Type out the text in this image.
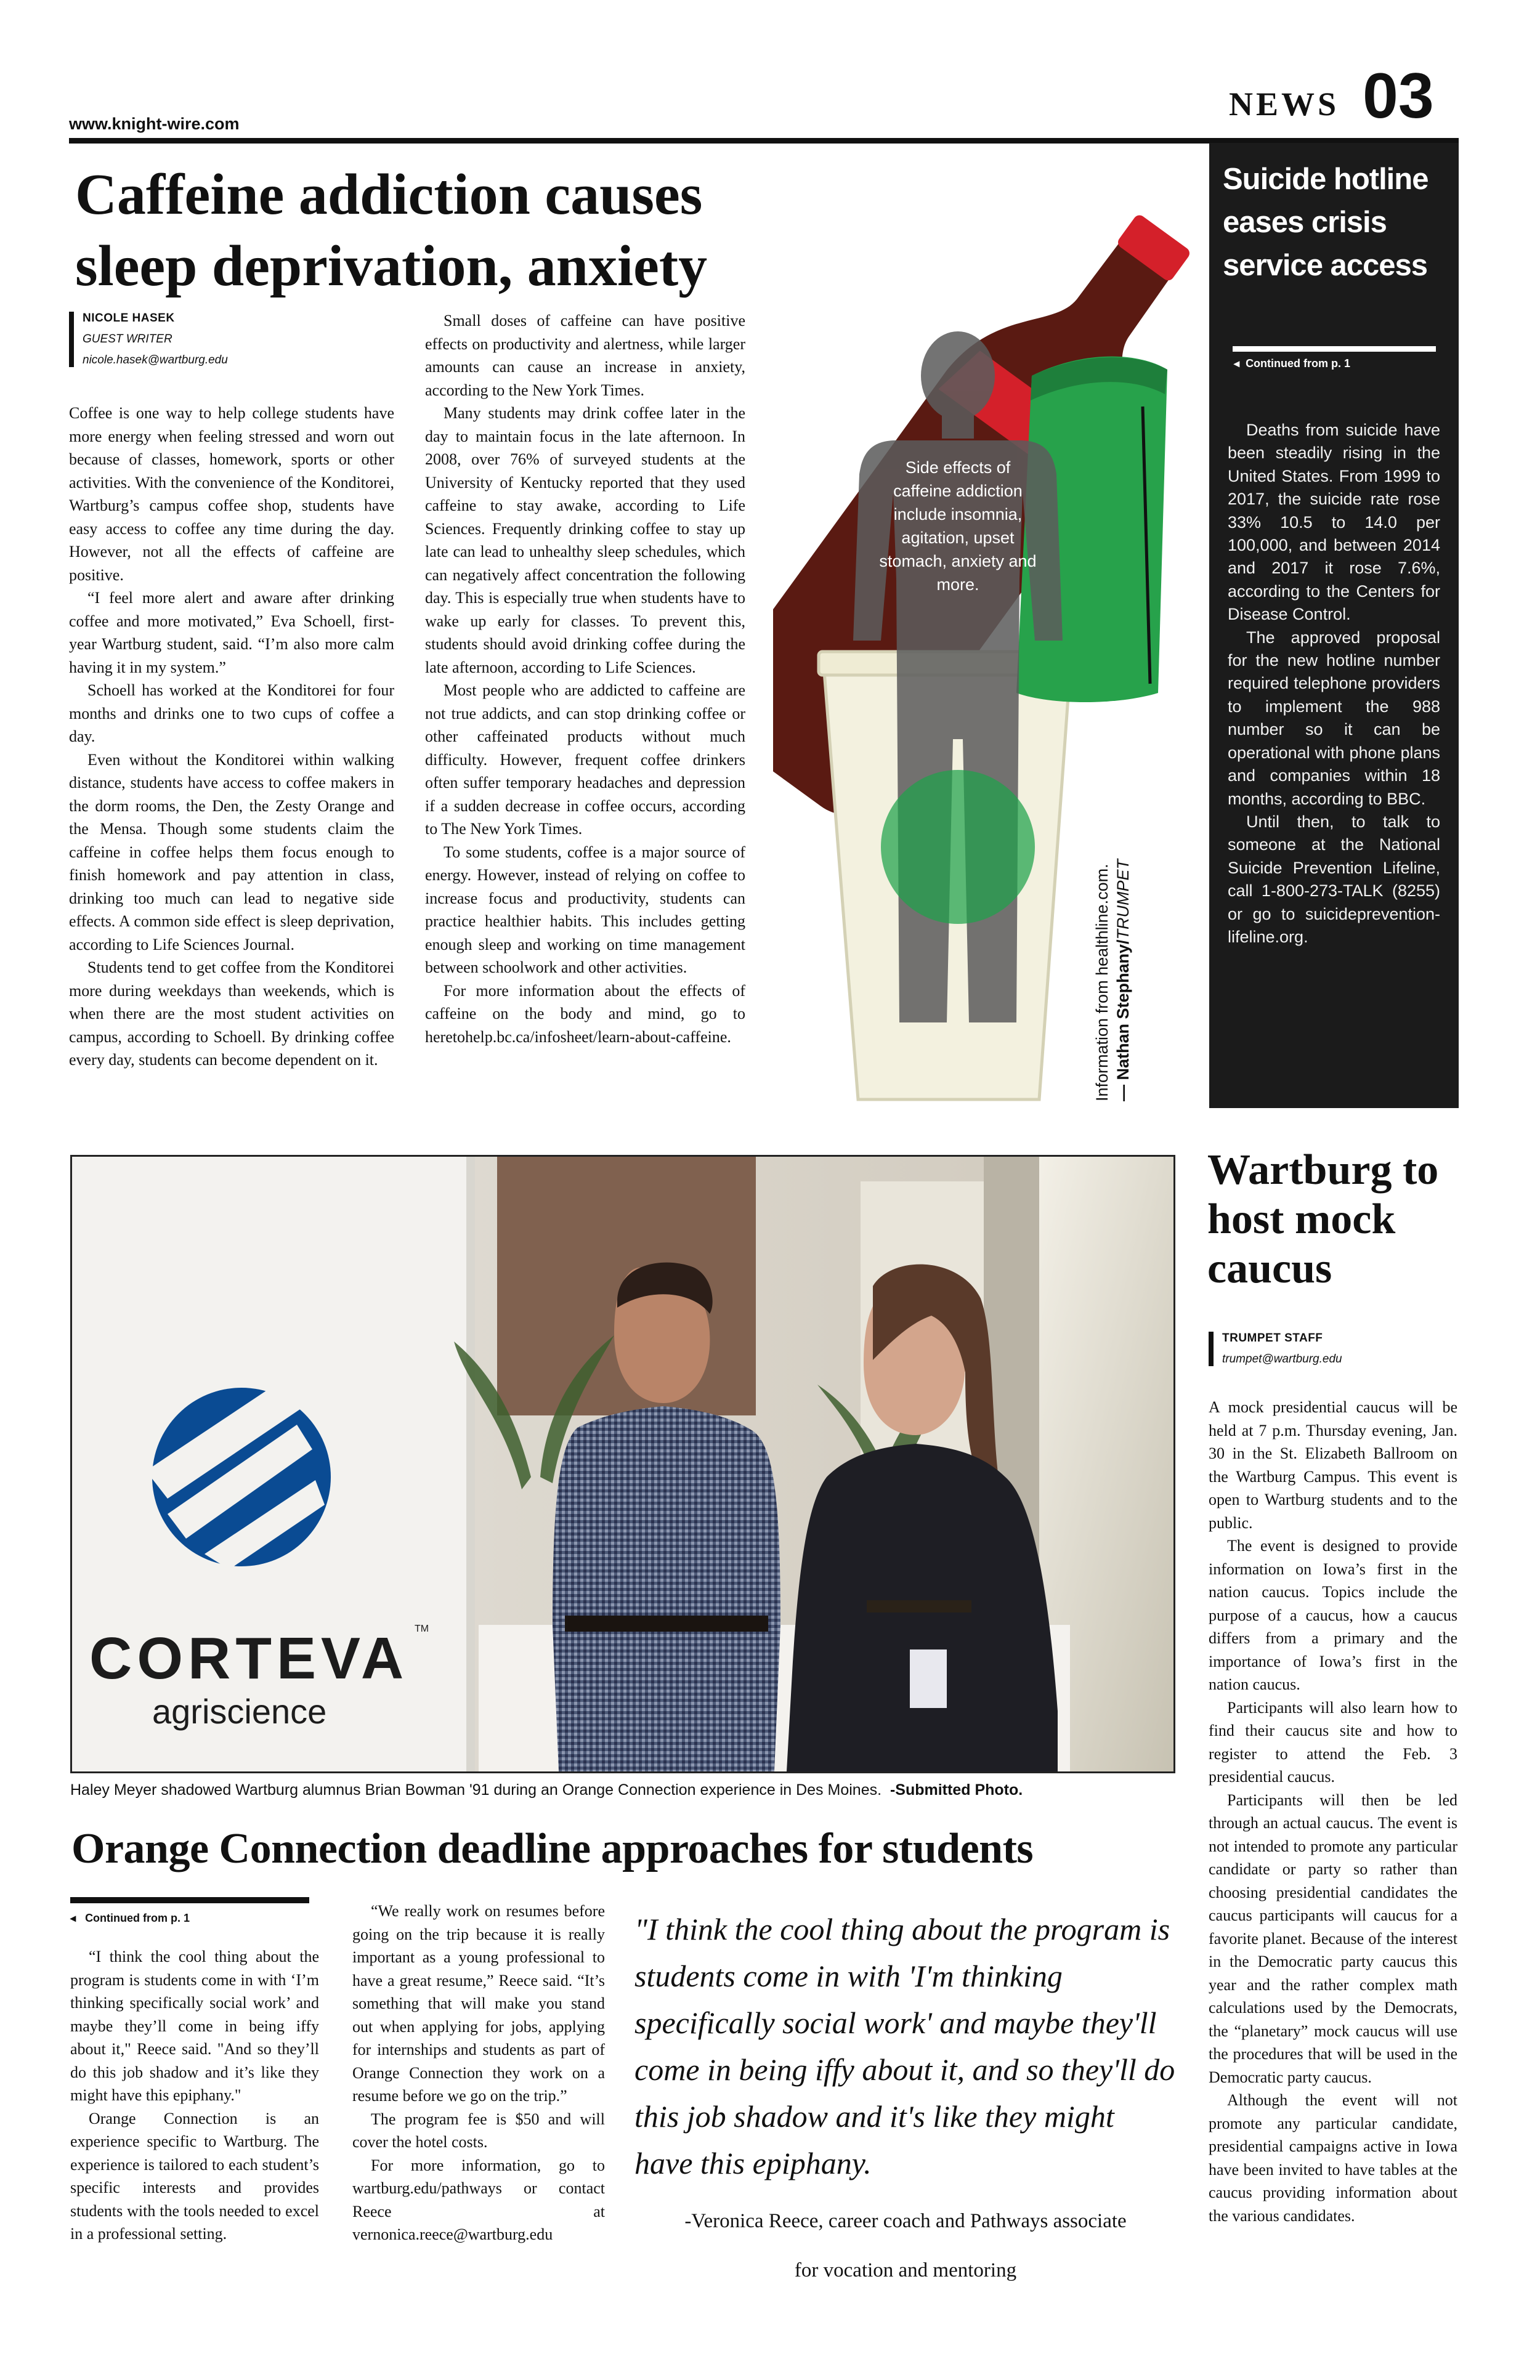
www.knight-wire.com
NEWS 03
Caffeine addiction causes
sleep deprivation, anxiety
NICOLE HASEK
GUEST WRITER
nicole.hasek@wartburg.edu

Coffee is one way to help college students have more energy when feeling stressed and worn out because of classes, homework, sports or other activities. With the convenience of the Konditorei, Wartburg’s campus coffee shop, students have easy access to coffee any time during the day. However, not all the effects of caffeine are positive.

“I feel more alert and aware after drinking coffee and more motivated,” Eva Schoell, first-year Wartburg student, said. “I’m also more calm having it in my system.”

Schoell has worked at the Konditorei for four months and drinks one to two cups of coffee a day.

Even without the Konditorei within walking distance, students have access to coffee makers in the dorm rooms, the Den, the Zesty Orange and the Mensa. Though some students claim the caffeine in coffee helps them focus enough to finish homework and pay attention in class, drinking too much can lead to negative side effects. A common side effect is sleep deprivation, according to Life Sciences Journal.

Students tend to get coffee from the Konditorei more during weekdays than weekends, which is when there are the most student activities on campus, according to Schoell. By drinking coffee every day, students can become dependent on it.

Small doses of caffeine can have positive effects on productivity and alertness, while larger amounts can cause an increase in anxiety, according to the New York Times.

Many students may drink coffee later in the day to maintain focus in the late afternoon. In 2008, over 76% of surveyed students at the University of Kentucky reported that they used caffeine to stay awake, according to Life Sciences. Frequently drinking coffee to stay up late can lead to unhealthy sleep schedules, which can negatively affect concentration the following day. This is especially true when students have to wake up early for classes. To prevent this, students should avoid drinking coffee during the late afternoon, according to Life Sciences.

Most people who are addicted to caffeine are not true addicts, and can stop drinking coffee or other caffeinated products without much difficulty. However, frequent coffee drinkers often suffer temporary headaches and depression if a sudden decrease in coffee occurs, according to The New York Times.

To some students, coffee is a major source of energy. However, instead of relying on coffee to increase focus and productivity, students can practice healthier habits. This includes getting enough sleep and working on time management between schoolwork and other activities.

For more information about the effects of caffeine on the body and mind, go to heretohelp.bc.ca/infosheet/learn-about-caffeine.

Side effects of caffeine addiction include insomnia, agitation, upset stomach, anxiety and more.
Information from healthline.com. — Nathan Stephany/TRUMPET
Suicide hotline eases crisis service access
◂ Continued from p. 1

Deaths from suicide have been steadily rising in the United States. From 1999 to 2017, the suicide rate rose 33% 10.5 to 14.0 per 100,000, and between 2014 and 2017 it rose 7.6%, according to the Centers for Disease Control.

The approved proposal for the new hotline number required telephone providers to implement the 988 number so it can be operational with phone plans and companies within 18 months, according to BBC.

Until then, to talk to someone at the National Suicide Prevention Lifeline, call 1-800-273-TALK (8255) or go to suicideprevention-lifeline.org.

CORTEVA TM
agriscience
Haley Meyer shadowed Wartburg alumnus Brian Bowman '91 during an Orange Connection experience in Des Moines. -Submitted Photo.
Wartburg to host mock caucus
TRUMPET STAFF
trumpet@wartburg.edu

A mock presidential caucus will be held at 7 p.m. Thursday evening, Jan. 30 in the St. Elizabeth Ballroom on the Wartburg Campus. This event is open to Wartburg students and to the public.

The event is designed to provide information on Iowa’s first in the nation caucus. Topics include the purpose of a caucus, how a caucus differs from a primary and the importance of Iowa’s first in the nation caucus.

Participants will also learn how to find their caucus site and how to register to attend the Feb. 3 presidential caucus.

Participants will then be led through an actual caucus. The event is not intended to promote any particular candidate or party so rather than choosing presidential candidates the caucus participants will caucus for a favorite planet. Because of the interest in the Democratic party caucus this year and the rather complex math calculations used by the Democrats, the “planetary” mock caucus will use the procedures that will be used in the Democratic party caucus.

Although the event will not promote any particular candidate, presidential campaigns active in Iowa have been invited to have tables at the caucus providing information about the various candidates.

Orange Connection deadline approaches for students
◂ Continued from p. 1

“I think the cool thing about the program is students come in with ‘I’m thinking specifically social work’ and maybe they’ll come in being iffy about it," Reece said. "And so they’ll do this job shadow and it’s like they might have this epiphany."

Orange Connection is an experience specific to Wartburg. The experience is tailored to each student’s specific interests and provides students with the tools needed to excel in a professional setting.

“We really work on resumes before going on the trip because it is really important as a young professional to have a great resume,” Reece said. “It’s something that will make you stand out when applying for jobs, applying for internships and students as part of Orange Connection they work on a resume before we go on the trip.”

The program fee is $50 and will cover the hotel costs.

For more information, go to wartburg.edu/pathways or contact Reece at vernonica.reece@wartburg.edu

"I think the cool thing about the program is students come in with 'I'm thinking specifically social work' and maybe they'll come in being iffy about it, and so they'll do this job shadow and it's like they might have this epiphany.
-Veronica Reece, career coach and Pathways associate
for vocation and mentoring
